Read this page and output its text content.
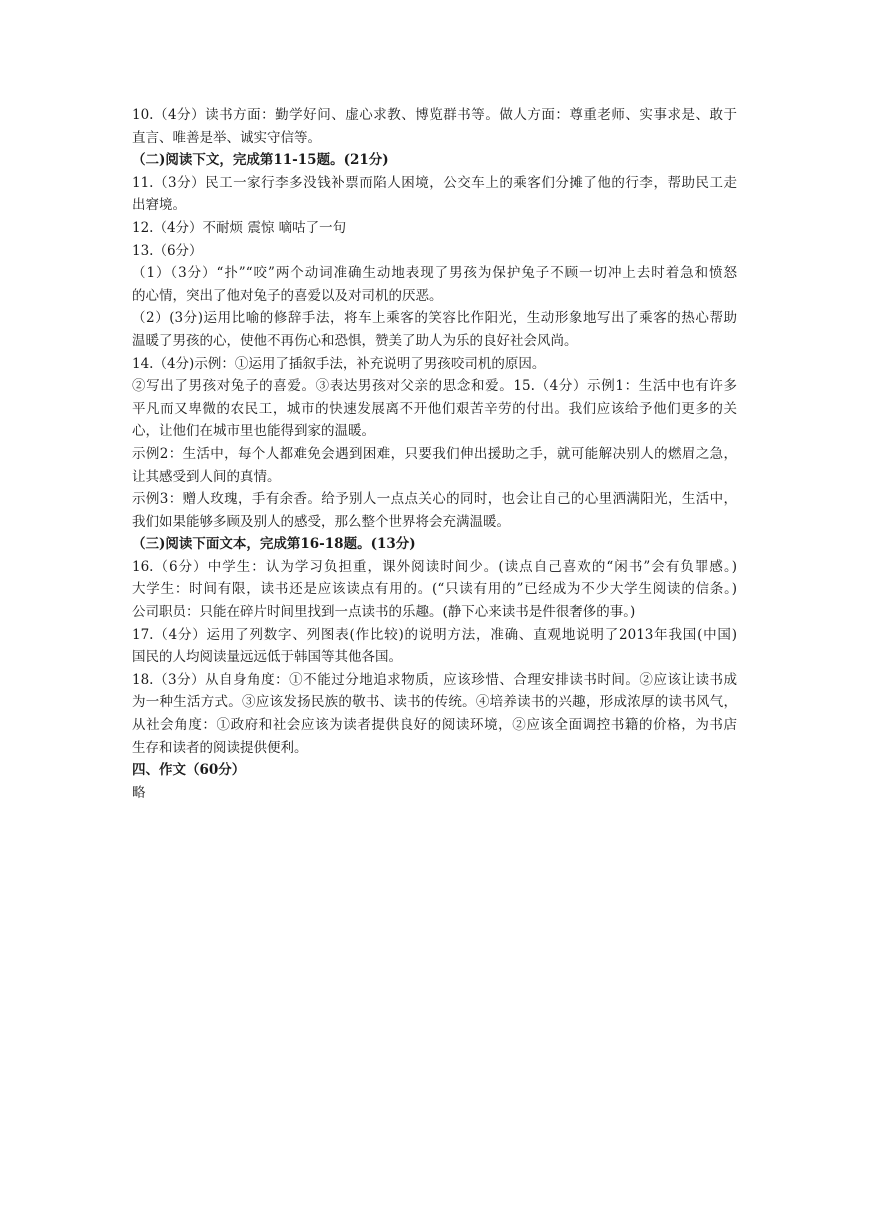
10.（4分）读书方面：勤学好问、虚心求教、博览群书等。做人方面：尊重老师、实事求是、敢于
直言、唯善是举、诚实守信等。
（二)阅读下文，完成第11-15题。(21分)
11.（3分）民工一家行李多没钱补票而陷人困境，公交车上的乘客们分摊了他的行李，帮助民工走
出窘境。
12.（4分）不耐烦 震惊 嘀咕了一句
13.（6分）
（1）（3分）“扑”“咬”两个动词准确生动地表现了男孩为保护兔子不顾一切冲上去时着急和愤怒
的心情，突出了他对兔子的喜爱以及对司机的厌恶。
（2）(3分)运用比喻的修辞手法，将车上乘客的笑容比作阳光，生动形象地写出了乘客的热心帮助
温暖了男孩的心，使他不再伤心和恐惧，赞美了助人为乐的良好社会风尚。
14.（4分)示例：①运用了插叙手法，补充说明了男孩咬司机的原因。
②写出了男孩对兔子的喜爱。③表达男孩对父亲的思念和爱。15.（4分）示例1：生活中也有许多
平凡而又卑微的农民工，城市的快速发展离不开他们艰苦辛劳的付出。我们应该给予他们更多的关
心，让他们在城市里也能得到家的温暖。
示例2：生活中，每个人都难免会遇到困难，只要我们伸出援助之手，就可能解决别人的燃眉之急，
让其感受到人间的真情。
示例3：赠人玫瑰，手有余香。给予别人一点点关心的同时，也会让自己的心里洒满阳光，生活中，
我们如果能够多顾及别人的感受，那么整个世界将会充满温暖。
（三)阅读下面文本，完成第16-18题。(13分)
16.（6分）中学生：认为学习负担重，课外阅读时间少。(读点自己喜欢的“闲书”会有负罪感。)
大学生：时间有限，读书还是应该读点有用的。(“只读有用的”已经成为不少大学生阅读的信条。)
公司职员：只能在碎片时间里找到一点读书的乐趣。(静下心来读书是件很奢侈的事。)
17.（4分）运用了列数字、列图表(作比较)的说明方法，准确、直观地说明了2013年我国(中国)
国民的人均阅读量远远低于韩国等其他各国。
18.（3分）从自身角度：①不能过分地追求物质，应该珍惜、合理安排读书时间。②应该让读书成
为一种生活方式。③应该发扬民族的敬书、读书的传统。④培养读书的兴趣，形成浓厚的读书风气，
从社会角度：①政府和社会应该为读者提供良好的阅读环境，②应该全面调控书籍的价格，为书店
生存和读者的阅读提供便利。
四、作文（60分）
略
